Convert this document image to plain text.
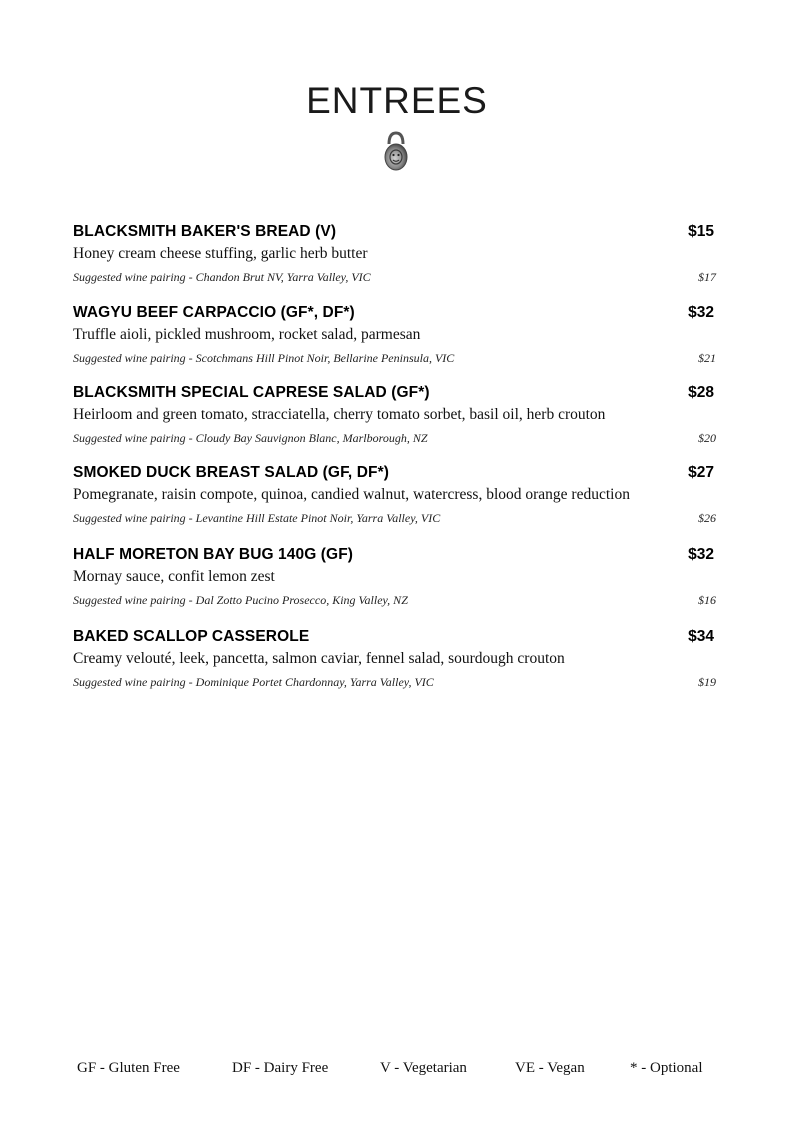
ENTREES
BLACKSMITH BAKER'S BREAD (V)	$15
Honey cream cheese stuffing, garlic herb butter
Suggested wine pairing - Chandon Brut NV, Yarra Valley, VIC	$17
WAGYU BEEF CARPACCIO (GF*, DF*)	$32
Truffle aioli, pickled mushroom, rocket salad, parmesan
Suggested wine pairing - Scotchmans Hill Pinot Noir, Bellarine Peninsula, VIC	$21
BLACKSMITH SPECIAL CAPRESE SALAD (GF*)	$28
Heirloom and green tomato, stracciatella, cherry tomato sorbet, basil oil, herb crouton
Suggested wine pairing - Cloudy Bay Sauvignon Blanc, Marlborough, NZ	$20
SMOKED DUCK BREAST SALAD (GF, DF*)	$27
Pomegranate, raisin compote, quinoa, candied walnut, watercress, blood orange reduction
Suggested wine pairing - Levantine Hill Estate Pinot Noir, Yarra Valley, VIC	$26
HALF MORETON BAY BUG 140G (GF)	$32
Mornay sauce, confit lemon zest
Suggested wine pairing - Dal Zotto Pucino Prosecco, King Valley, NZ	$16
BAKED SCALLOP CASSEROLE	$34
Creamy velouté, leek, pancetta, salmon caviar, fennel salad, sourdough crouton
Suggested wine pairing - Dominique Portet Chardonnay, Yarra Valley, VIC	$19
GF - Gluten Free	DF - Dairy Free	V - Vegetarian	VE - Vegan	* - Optional
